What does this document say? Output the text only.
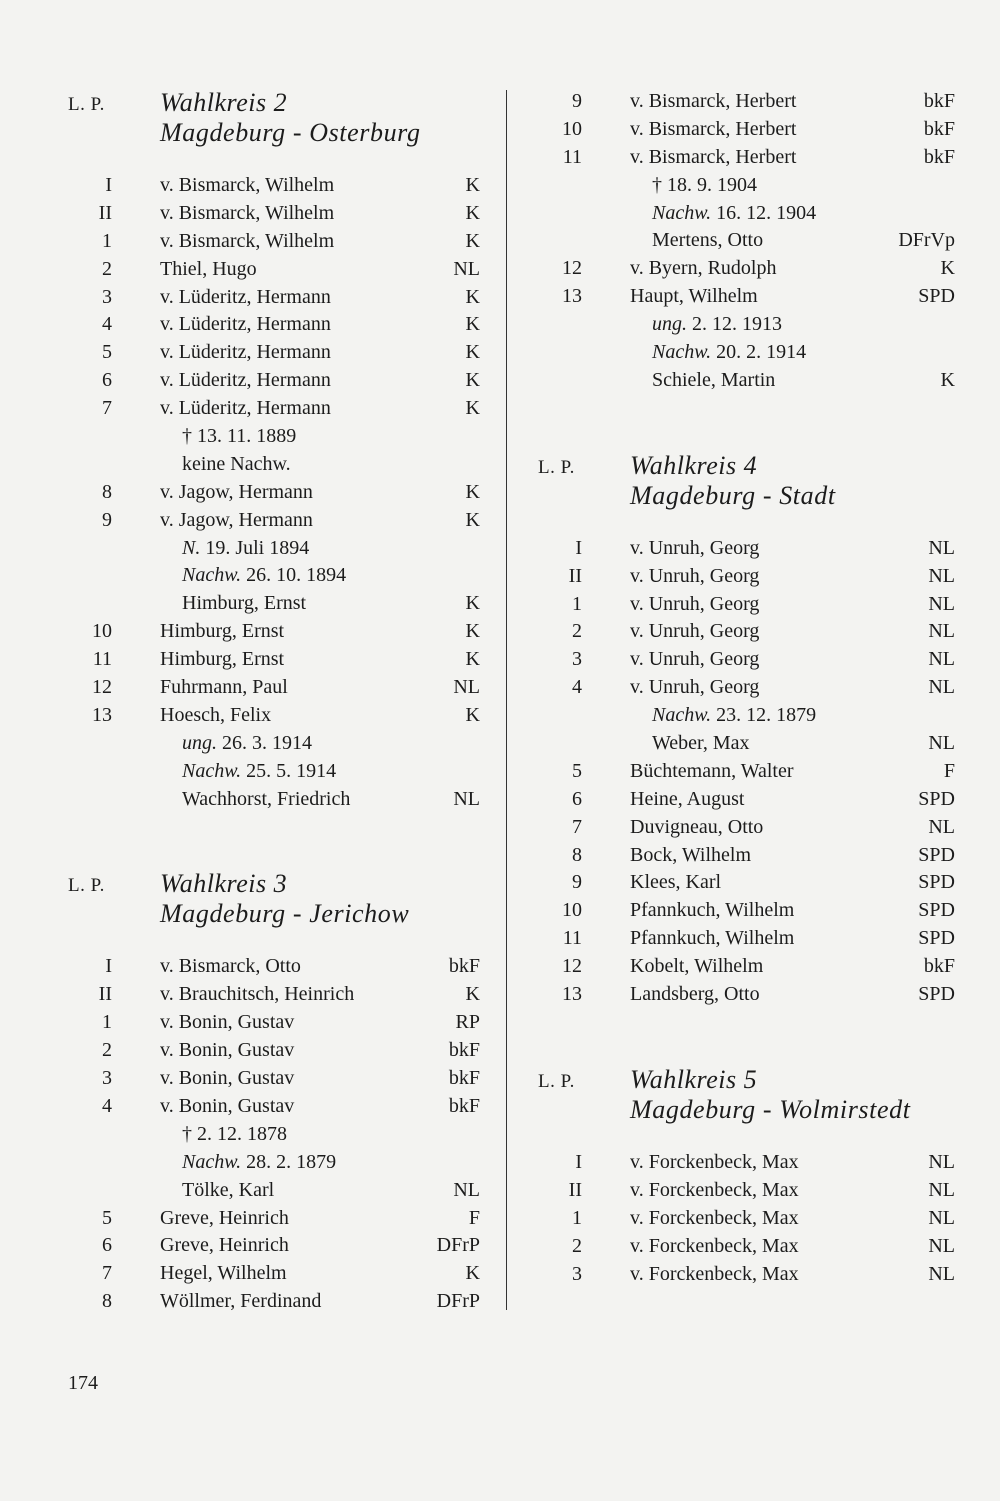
L. P. Wahlkreis 2
Magdeburg - Osterburg
I v. Bismarck, Wilhelm	K
II v. Bismarck, Wilhelm	K
1 v. Bismarck, Wilhelm	K
2 Thiel, Hugo	NL
3 v. Lüderitz, Hermann	K
4 v. Lüderitz, Hermann	K
5 v. Lüderitz, Hermann	K
6 v. Lüderitz, Hermann	K
7 v. Lüderitz, Hermann	K
† 13. 11. 1889
keine Nachw.
8 v. Jagow, Hermann	K
9 v. Jagow, Hermann	K
N. 19. Juli 1894
Nachw. 26. 10. 1894
Himburg, Ernst	K
10 Himburg, Ernst	K
11 Himburg, Ernst	K
12 Fuhrmann, Paul	NL
13 Hoesch, Felix	K
ung. 26. 3. 1914
Nachw. 25. 5. 1914
Wachhorst, Friedrich	NL
L. P. Wahlkreis 3
Magdeburg - Jerichow
I v. Bismarck, Otto	bkF
II v. Brauchitsch, Heinrich	K
1 v. Bonin, Gustav	RP
2 v. Bonin, Gustav	bkF
3 v. Bonin, Gustav	bkF
4 v. Bonin, Gustav	bkF
† 2. 12. 1878
Nachw. 28. 2. 1879
Tölke, Karl	NL
5 Greve, Heinrich	F
6 Greve, Heinrich	DFrP
7 Hegel, Wilhelm	K
8 Wöllmer, Ferdinand	DFrP
9 v. Bismarck, Herbert	bkF
10 v. Bismarck, Herbert	bkF
11 v. Bismarck, Herbert	bkF
† 18. 9. 1904
Nachw. 16. 12. 1904
Mertens, Otto	DFrVp
12 v. Byern, Rudolph	K
13 Haupt, Wilhelm	SPD
ung. 2. 12. 1913
Nachw. 20. 2. 1914
Schiele, Martin	K
L. P. Wahlkreis 4
Magdeburg - Stadt
I v. Unruh, Georg	NL
II v. Unruh, Georg	NL
1 v. Unruh, Georg	NL
2 v. Unruh, Georg	NL
3 v. Unruh, Georg	NL
4 v. Unruh, Georg	NL
Nachw. 23. 12. 1879
Weber, Max	NL
5 Büchtemann, Walter	F
6 Heine, August	SPD
7 Duvigneau, Otto	NL
8 Bock, Wilhelm	SPD
9 Klees, Karl	SPD
10 Pfannkuch, Wilhelm	SPD
11 Pfannkuch, Wilhelm	SPD
12 Kobelt, Wilhelm	bkF
13 Landsberg, Otto	SPD
L. P. Wahlkreis 5
Magdeburg - Wolmirstedt
I v. Forckenbeck, Max	NL
II v. Forckenbeck, Max	NL
1 v. Forckenbeck, Max	NL
2 v. Forckenbeck, Max	NL
3 v. Forckenbeck, Max	NL
174
